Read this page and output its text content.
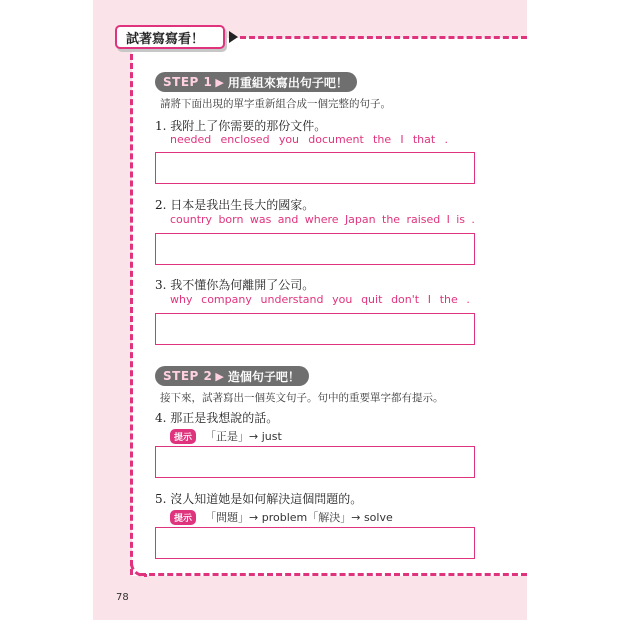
試著寫寫看！
STEP 1 ▶ 用重組來寫出句子吧！
請將下面出現的單字重新組合成一個完整的句子。
1. 我附上了你需要的那份文件。
needed enclosed you document the I that .
2. 日本是我出生長大的國家。
country born was and where Japan the raised I is .
3. 我不懂你為何離開了公司。
why company understand you quit don't I the .
STEP 2 ▶ 造個句子吧！
接下來，試著寫出一個英文句子。句中的重要單字都有提示。
4. 那正是我想說的話。
提示	「正是」→ just
5. 沒人知道她是如何解決這個問題的。
提示	「問題」→ problem「解決」→ solve
78
